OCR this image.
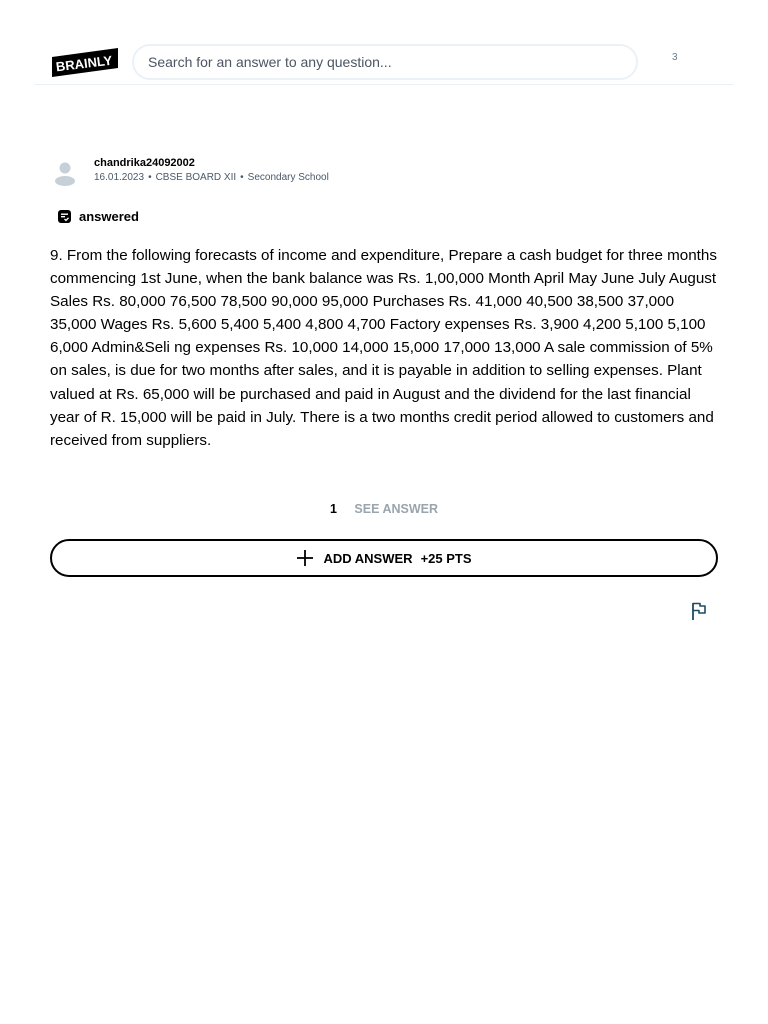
BRAINLY
Search for an answer to any question...	3
chandrika24092002
16.01.2023 • CBSE BOARD XII • Secondary School
answered

9. From the following forecasts of income and expenditure, Prepare a cash budget for three months commencing 1st June, when the bank balance was Rs. 1,00,000 Month April May June July August Sales Rs. 80,000 76,500 78,500 90,000 95,000 Purchases Rs. 41,000 40,500 38,500 37,000 35,000 Wages Rs. 5,600 5,400 5,400 4,800 4,700 Factory expenses Rs. 3,900 4,200 5,100 5,100 6,000 Admin&Seli ng expenses Rs. 10,000 14,000 15,000 17,000 13,000 A sale commission of 5% on sales, is due for two months after sales, and it is payable in addition to selling expenses. Plant valued at Rs. 65,000 will be purchased and paid in August and the dividend for the last financial year of R. 15,000 will be paid in July. There is a two months credit period allowed to customers and received from suppliers.

1 SEE ANSWER
ADD ANSWER +25 PTS
